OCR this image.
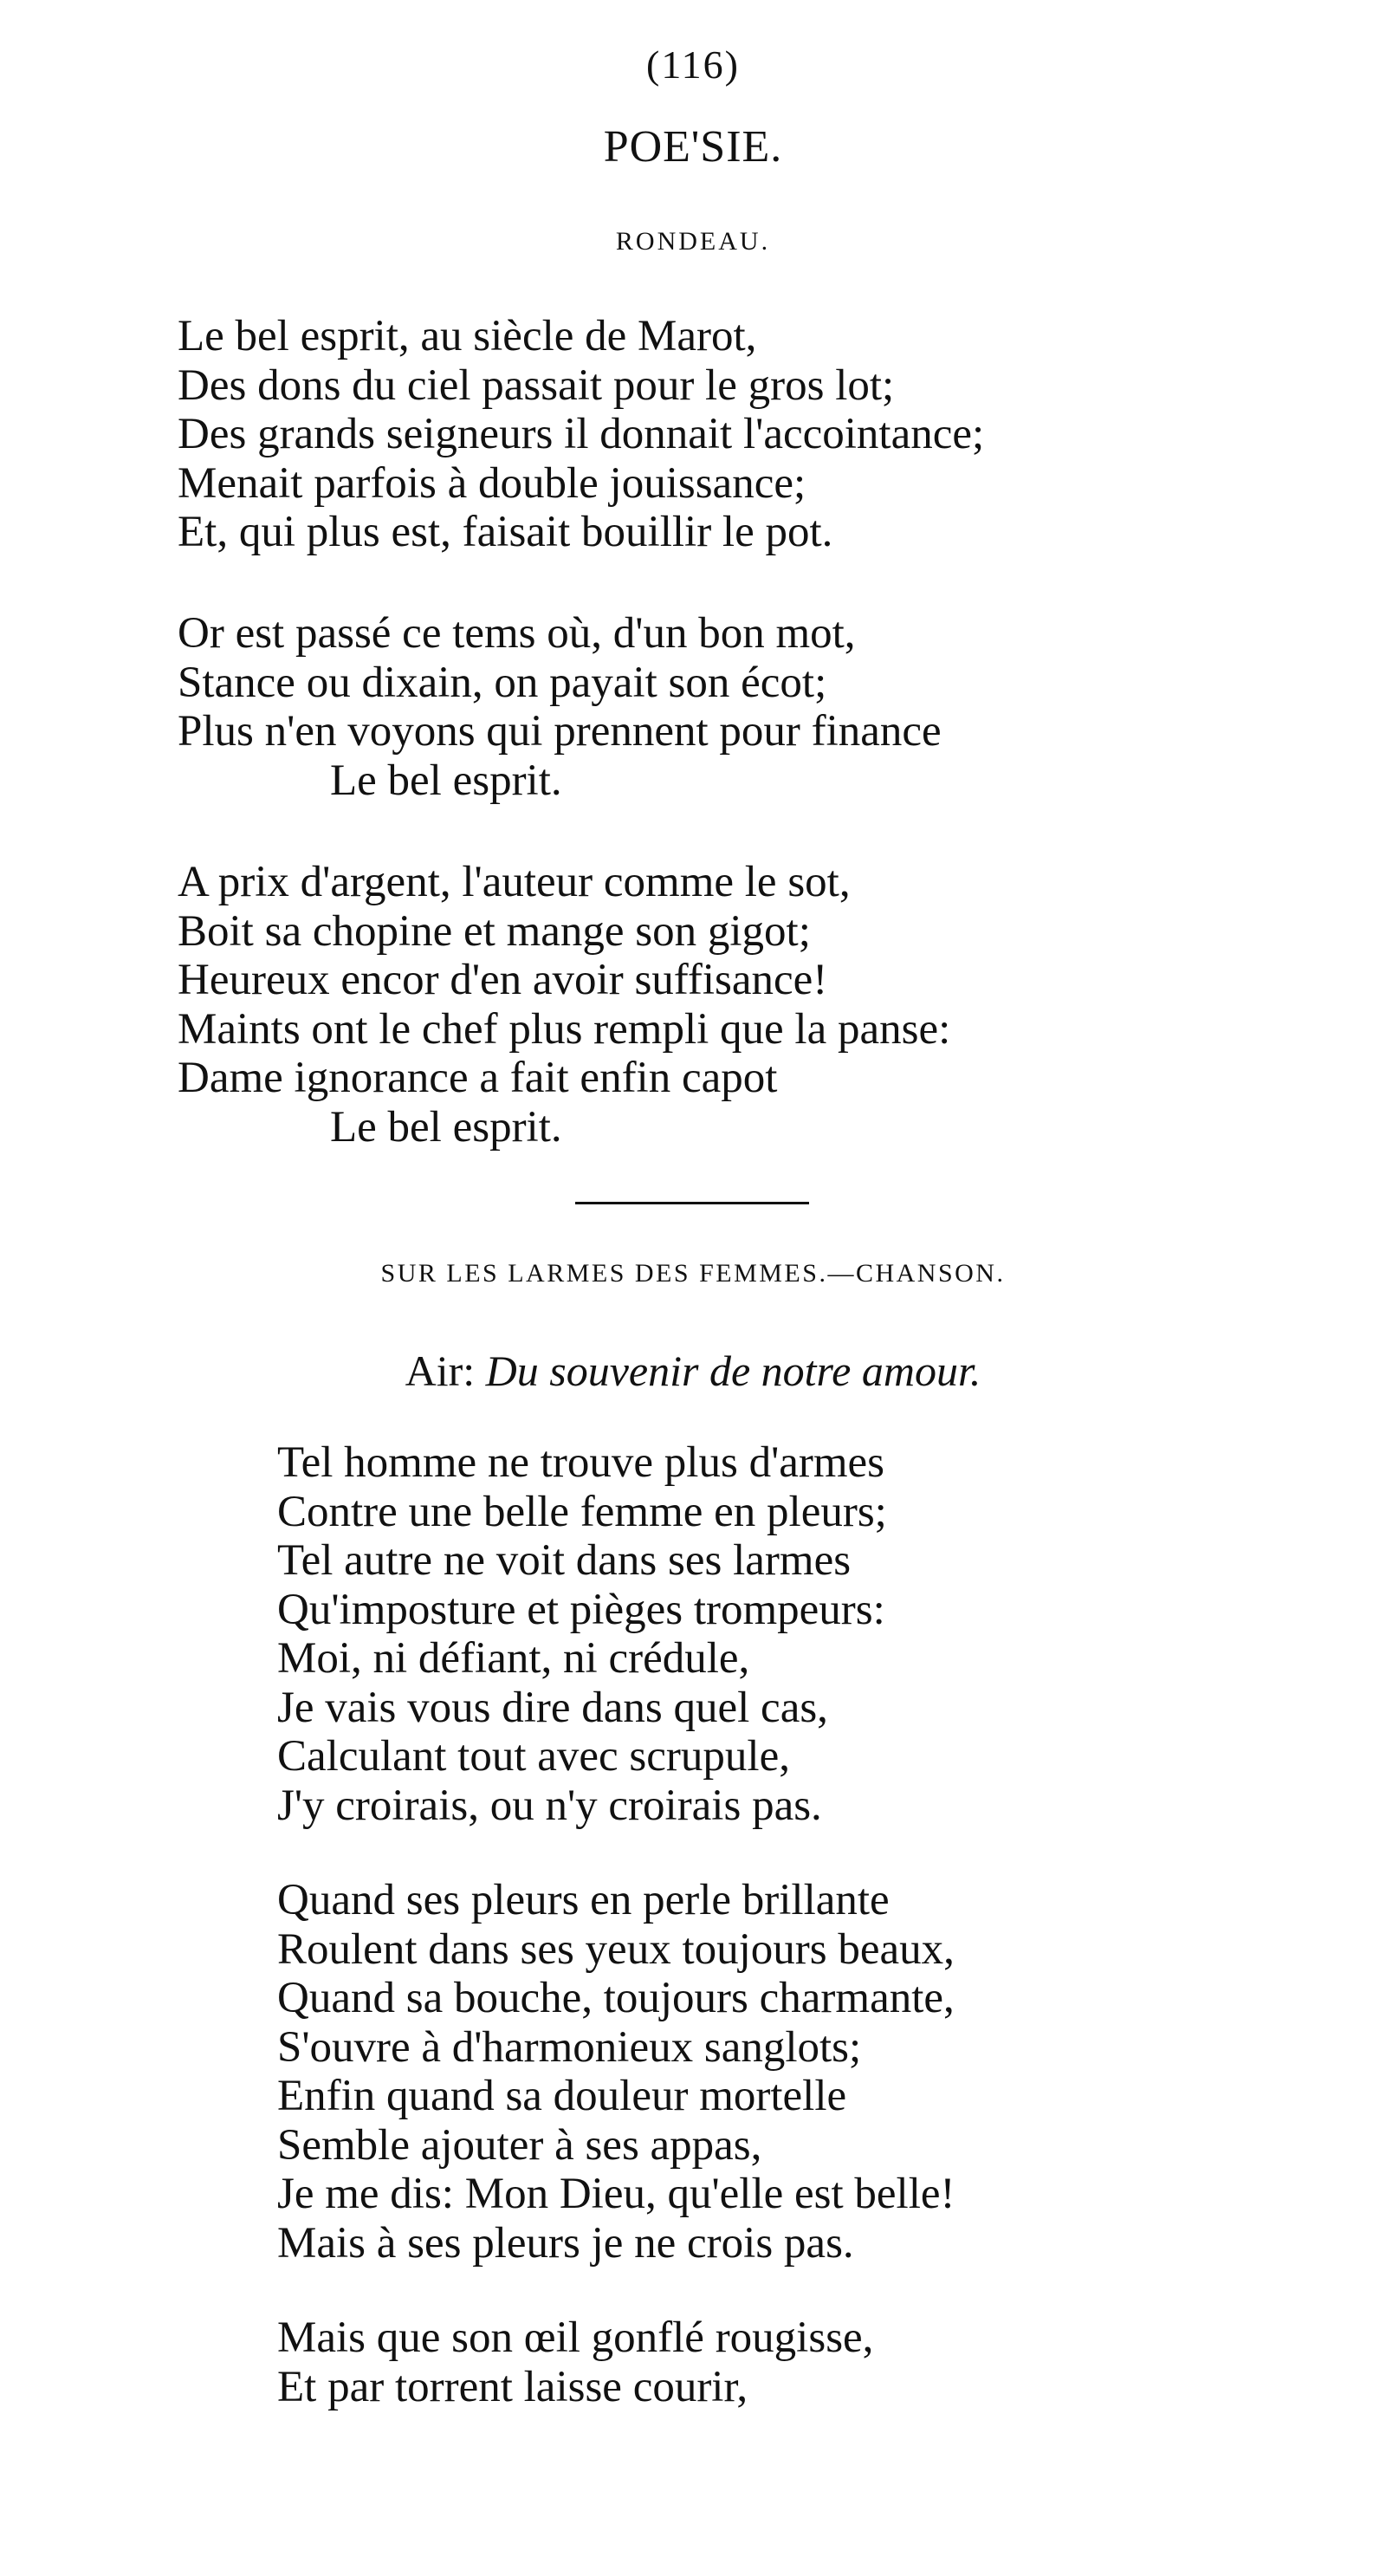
(116)
POE'SIE.
RONDEAU.
Le bel esprit, au siècle de Marot,
Des dons du ciel passait pour le gros lot;
Des grands seigneurs il donnait l'accointance;
Menait parfois à double jouissance;
Et, qui plus est, faisait bouillir le pot.
Or est passé ce tems où, d'un bon mot,
Stance ou dixain, on payait son écot;
Plus n'en voyons qui prennent pour finance
Le bel esprit.
A prix d'argent, l'auteur comme le sot,
Boit sa chopine et mange son gigot;
Heureux encor d'en avoir suffisance!
Maints ont le chef plus rempli que la panse:
Dame ignorance a fait enfin capot
Le bel esprit.
SUR LES LARMES DES FEMMES.—CHANSON.
Air: Du souvenir de notre amour.
Tel homme ne trouve plus d'armes
Contre une belle femme en pleurs;
Tel autre ne voit dans ses larmes
Qu'imposture et pièges trompeurs:
Moi, ni défiant, ni crédule,
Je vais vous dire dans quel cas,
Calculant tout avec scrupule,
J'y croirais, ou n'y croirais pas.
Quand ses pleurs en perle brillante
Roulent dans ses yeux toujours beaux,
Quand sa bouche, toujours charmante,
S'ouvre à d'harmonieux sanglots;
Enfin quand sa douleur mortelle
Semble ajouter à ses appas,
Je me dis: Mon Dieu, qu'elle est belle!
Mais à ses pleurs je ne crois pas.
Mais que son œil gonflé rougisse,
Et par torrent laisse courir,
